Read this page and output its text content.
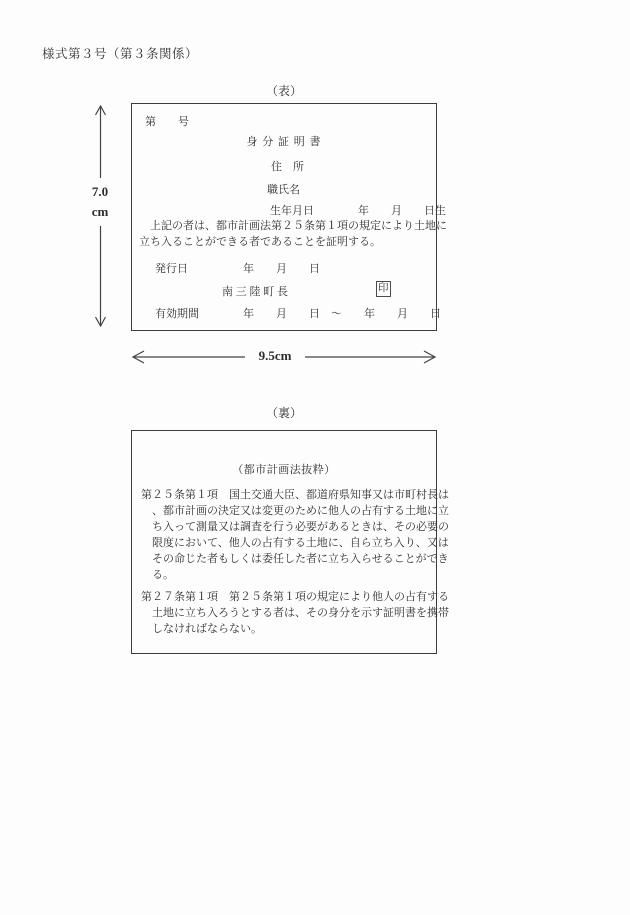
様式第３号（第３条関係）
（表）
第　　号
身 分 証 明 書
住　所
職氏名
生年月日　　　　年　　月　　日生
　上記の者は、都市計画法第２５条第１項の規定により土地に
立ち入ることができる者であることを証明する。
発行日　　　　　年　　月　　日
南 三 陸 町 長	印
有効期間　　　　年　　月　　日　～　　年　　月　　日
7.0
cm
9.5cm
（裏）
（都市計画法抜粋）
第２５条第１項　国土交通大臣、都道府県知事又は市町村長は
、都市計画の決定又は変更のために他人の占有する土地に立
ち入って測量又は調査を行う必要があるときは、その必要の
限度において、他人の占有する土地に、自ら立ち入り、又は
その命じた者もしくは委任した者に立ち入らせることができ
る。
第２７条第１項　第２５条第１項の規定により他人の占有する
土地に立ち入ろうとする者は、その身分を示す証明書を携帯
しなければならない。
